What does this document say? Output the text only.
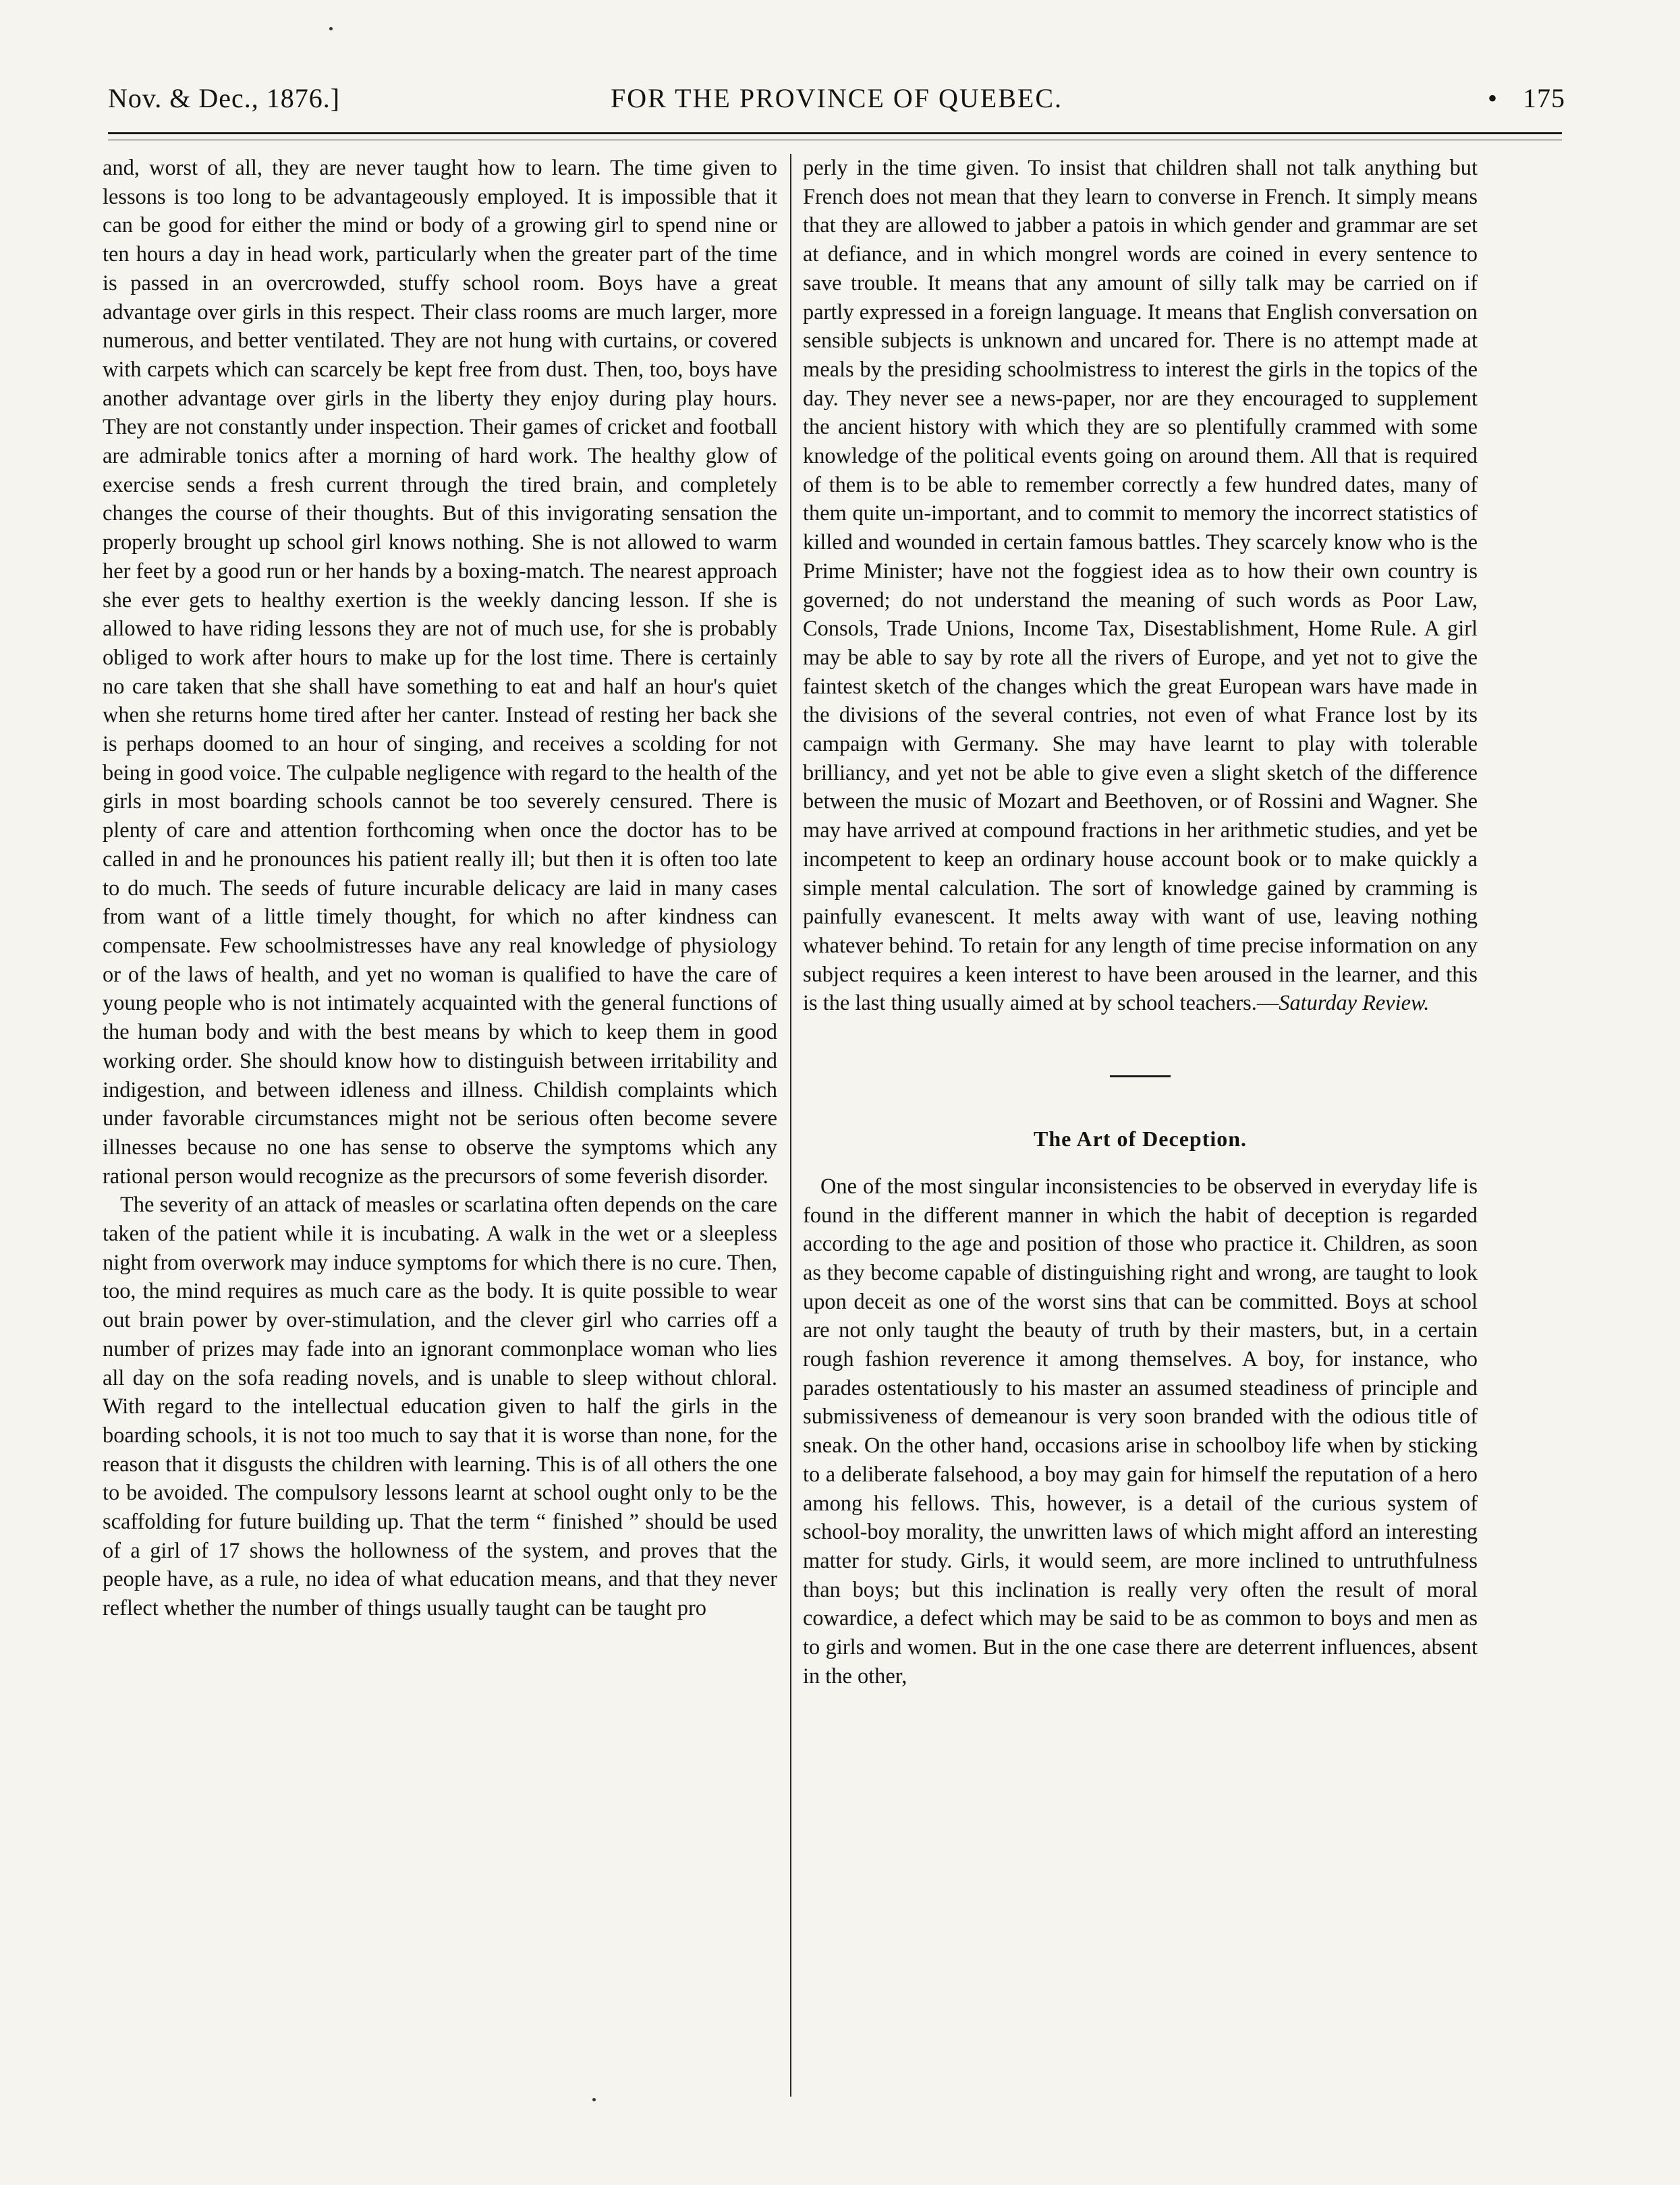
Nov. & Dec., 1876.]	FOR THE PROVINCE OF QUEBEC.	• 175

and, worst of all, they are never taught how to learn. The time given to lessons is too long to be advantageously employed. It is impossible that it can be good for either the mind or body of a growing girl to spend nine or ten hours a day in head work, particularly when the greater part of the time is passed in an overcrowded, stuffy school room. Boys have a great advantage over girls in this respect. Their class rooms are much larger, more numerous, and better ventilated. They are not hung with curtains, or covered with carpets which can scarcely be kept free from dust. Then, too, boys have another advantage over girls in the liberty they enjoy during play hours. They are not constantly under inspection. Their games of cricket and football are admirable tonics after a morning of hard work. The healthy glow of exercise sends a fresh current through the tired brain, and completely changes the course of their thoughts. But of this invigorating sensation the properly brought up school girl knows nothing. She is not allowed to warm her feet by a good run or her hands by a boxing-match. The nearest approach she ever gets to healthy exertion is the weekly dancing lesson. If she is allowed to have riding lessons they are not of much use, for she is probably obliged to work after hours to make up for the lost time. There is certainly no care taken that she shall have something to eat and half an hour's quiet when she returns home tired after her canter. Instead of resting her back she is perhaps doomed to an hour of singing, and receives a scolding for not being in good voice. The culpable negligence with regard to the health of the girls in most boarding schools cannot be too severely censured. There is plenty of care and attention forthcoming when once the doctor has to be called in and he pronounces his patient really ill; but then it is often too late to do much. The seeds of future incurable delicacy are laid in many cases from want of a little timely thought, for which no after kindness can compensate. Few schoolmistresses have any real knowledge of physiology or of the laws of health, and yet no woman is qualified to have the care of young people who is not intimately acquainted with the general functions of the human body and with the best means by which to keep them in good working order. She should know how to distinguish between irritability and indigestion, and between idleness and illness. Childish complaints which under favorable circumstances might not be serious often become severe illnesses because no one has sense to observe the symptoms which any rational person would recognize as the precursors of some feverish disorder.

The severity of an attack of measles or scarlatina often depends on the care taken of the patient while it is incubating. A walk in the wet or a sleepless night from overwork may induce symptoms for which there is no cure. Then, too, the mind requires as much care as the body. It is quite possible to wear out brain power by over-stimulation, and the clever girl who carries off a number of prizes may fade into an ignorant commonplace woman who lies all day on the sofa reading novels, and is unable to sleep without chloral. With regard to the intellectual education given to half the girls in the boarding schools, it is not too much to say that it is worse than none, for the reason that it disgusts the children with learning. This is of all others the one to be avoided. The compulsory lessons learnt at school ought only to be the scaffolding for future building up. That the term “ finished ” should be used of a girl of 17 shows the hollowness of the system, and proves that the people have, as a rule, no idea of what education means, and that they never reflect whether the number of things usually taught can be taught pro

perly in the time given. To insist that children shall not talk anything but French does not mean that they learn to converse in French. It simply means that they are allowed to jabber a patois in which gender and grammar are set at defiance, and in which mongrel words are coined in every sentence to save trouble. It means that any amount of silly talk may be carried on if partly expressed in a foreign language. It means that English conversation on sensible subjects is unknown and uncared for. There is no attempt made at meals by the presiding schoolmistress to interest the girls in the topics of the day. They never see a news-paper, nor are they encouraged to supplement the ancient history with which they are so plentifully crammed with some knowledge of the political events going on around them. All that is required of them is to be able to remember correctly a few hundred dates, many of them quite un-important, and to commit to memory the incorrect statistics of killed and wounded in certain famous battles. They scarcely know who is the Prime Minister; have not the foggiest idea as to how their own country is governed; do not understand the meaning of such words as Poor Law, Consols, Trade Unions, Income Tax, Disestablishment, Home Rule. A girl may be able to say by rote all the rivers of Europe, and yet not to give the faintest sketch of the changes which the great European wars have made in the divisions of the several contries, not even of what France lost by its campaign with Germany. She may have learnt to play with tolerable brilliancy, and yet not be able to give even a slight sketch of the difference between the music of Mozart and Beethoven, or of Rossini and Wagner. She may have arrived at compound fractions in her arithmetic studies, and yet be incompetent to keep an ordinary house account book or to make quickly a simple mental calculation. The sort of knowledge gained by cramming is painfully evanescent. It melts away with want of use, leaving nothing whatever behind. To retain for any length of time precise information on any subject requires a keen interest to have been aroused in the learner, and this is the last thing usually aimed at by school teachers.—Saturday Review.

The Art of Deception.

One of the most singular inconsistencies to be observed in everyday life is found in the different manner in which the habit of deception is regarded according to the age and position of those who practice it. Children, as soon as they become capable of distinguishing right and wrong, are taught to look upon deceit as one of the worst sins that can be committed. Boys at school are not only taught the beauty of truth by their masters, but, in a certain rough fashion reverence it among themselves. A boy, for instance, who parades ostentatiously to his master an assumed steadiness of principle and submissiveness of demeanour is very soon branded with the odious title of sneak. On the other hand, occasions arise in schoolboy life when by sticking to a deliberate falsehood, a boy may gain for himself the reputation of a hero among his fellows. This, however, is a detail of the curious system of school-boy morality, the unwritten laws of which might afford an interesting matter for study. Girls, it would seem, are more inclined to untruthfulness than boys; but this inclination is really very often the result of moral cowardice, a defect which may be said to be as common to boys and men as to girls and women. But in the one case there are deterrent influences, absent in the other,
